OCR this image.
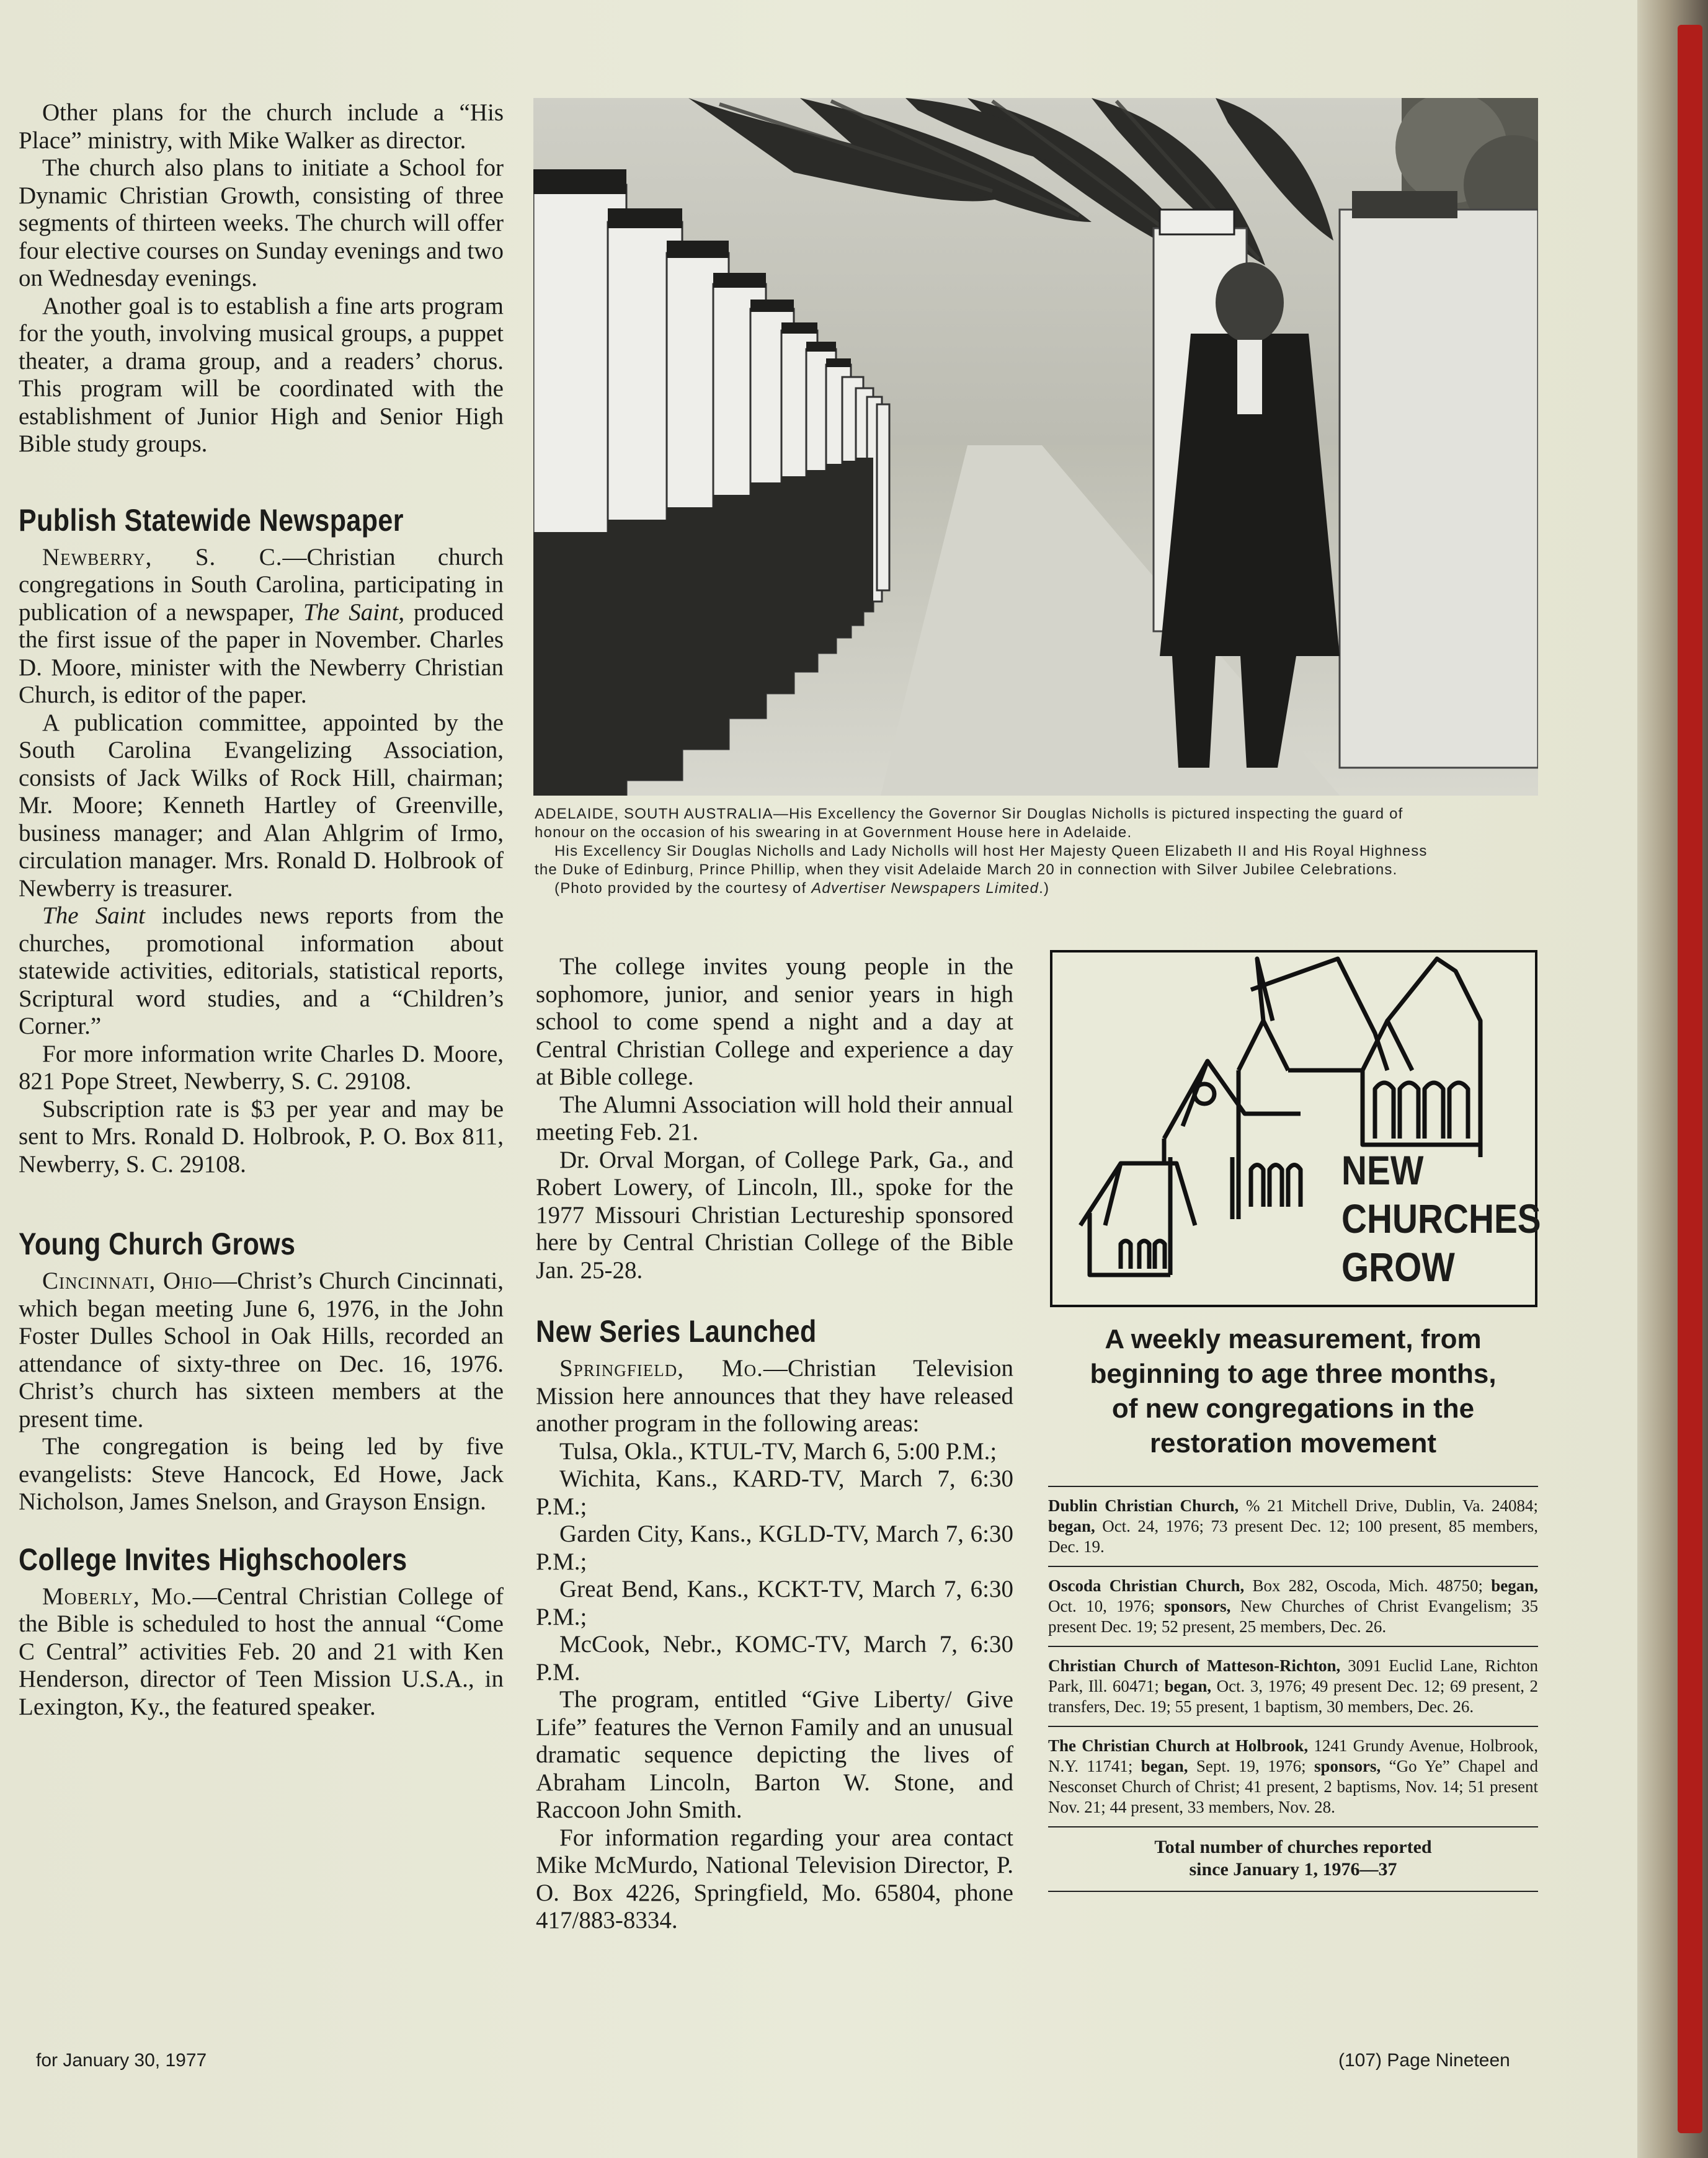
Other plans for the church include a “His Place” ministry, with Mike Walker as director.

The church also plans to initiate a School for Dynamic Christian Growth, consisting of three segments of thirteen weeks. The church will offer four elective courses on Sunday evenings and two on Wednesday evenings.

Another goal is to establish a fine arts program for the youth, involving musical groups, a puppet theater, a drama group, and a readers’ chorus. This program will be coordinated with the establishment of Junior High and Senior High Bible study groups.

Publish Statewide Newspaper

Newberry, S. C.—Christian church congregations in South Carolina, participating in publication of a newspaper, The Saint, produced the first issue of the paper in November. Charles D. Moore, minister with the Newberry Christian Church, is editor of the paper.

A publication committee, appointed by the South Carolina Evangelizing Association, consists of Jack Wilks of Rock Hill, chairman; Mr. Moore; Kenneth Hartley of Greenville, business manager; and Alan Ahlgrim of Irmo, circulation manager. Mrs. Ronald D. Holbrook of Newberry is treasurer.

The Saint includes news reports from the churches, promotional information about statewide activities, editorials, statistical reports, Scriptural word studies, and a “Children’s Corner.”

For more information write Charles D. Moore, 821 Pope Street, Newberry, S. C. 29108.

Subscription rate is $3 per year and may be sent to Mrs. Ronald D. Holbrook, P. O. Box 811, Newberry, S. C. 29108.

Young Church Grows

Cincinnati, Ohio—Christ’s Church Cincinnati, which began meeting June 6, 1976, in the John Foster Dulles School in Oak Hills, recorded an attendance of sixty-three on Dec. 16, 1976. Christ’s church has sixteen members at the present time.

The congregation is being led by five evangelists: Steve Hancock, Ed Howe, Jack Nicholson, James Snelson, and Grayson Ensign.

College Invites Highschoolers

Moberly, Mo.—Central Christian College of the Bible is scheduled to host the annual “Come C Central” activities Feb. 20 and 21 with Ken Henderson, director of Teen Mission U.S.A., in Lexington, Ky., the featured speaker.

ADELAIDE, SOUTH AUSTRALIA—His Excellency the Governor Sir Douglas Nicholls is pictured inspecting the guard of

honour on the occasion of his swearing in at Government House here in Adelaide.

His Excellency Sir Douglas Nicholls and Lady Nicholls will host Her Majesty Queen Elizabeth II and His Royal Highness

the Duke of Edinburg, Prince Phillip, when they visit Adelaide March 20 in connection with Silver Jubilee Celebrations.

(Photo provided by the courtesy of Advertiser Newspapers Limited.)

The college invites young people in the sophomore, junior, and senior years in high school to come spend a night and a day at Central Christian College and experience a day at Bible college.

The Alumni Association will hold their annual meeting Feb. 21.

Dr. Orval Morgan, of College Park, Ga., and Robert Lowery, of Lincoln, Ill., spoke for the 1977 Missouri Christian Lectureship sponsored here by Central Christian College of the Bible Jan. 25-28.

New Series Launched

Springfield, Mo.—Christian Television Mission here announces that they have released another program in the following areas:

Tulsa, Okla., KTUL-TV, March 6, 5:00 P.M.;

Wichita, Kans., KARD-TV, March 7, 6:30 P.M.;

Garden City, Kans., KGLD-TV, March 7, 6:30 P.M.;

Great Bend, Kans., KCKT-TV, March 7, 6:30 P.M.;

McCook, Nebr., KOMC-TV, March 7, 6:30 P.M.

The program, entitled “Give Liberty/ Give Life” features the Vernon Family and an unusual dramatic sequence depicting the lives of Abraham Lincoln, Barton W. Stone, and Raccoon John Smith.

For information regarding your area contact Mike McMurdo, National Television Director, P. O. Box 4226, Springfield, Mo. 65804, phone 417/883-8334.

NEW
CHURCHES
GROW
A weekly measurement, from
beginning to age three months,
of new congregations in the
restoration movement

Dublin Christian Church, % 21 Mitchell Drive, Dublin, Va. 24084; began, Oct. 24, 1976; 73 present Dec. 12; 100 present, 85 members, Dec. 19.

Oscoda Christian Church, Box 282, Oscoda, Mich. 48750; began, Oct. 10, 1976; sponsors, New Churches of Christ Evangelism; 35 present Dec. 19; 52 present, 25 members, Dec. 26.

Christian Church of Matteson-Richton, 3091 Euclid Lane, Richton Park, Ill. 60471; began, Oct. 3, 1976; 49 present Dec. 12; 69 present, 2 transfers, Dec. 19; 55 present, 1 baptism, 30 members, Dec. 26.

The Christian Church at Holbrook, 1241 Grundy Avenue, Holbrook, N.Y. 11741; began, Sept. 19, 1976; sponsors, “Go Ye” Chapel and Nesconset Church of Christ; 41 present, 2 baptisms, Nov. 14; 51 present Nov. 21; 44 present, 33 members, Nov. 28.

Total number of churches reported
since January 1, 1976—37

for January 30, 1977	(107) Page Nineteen
